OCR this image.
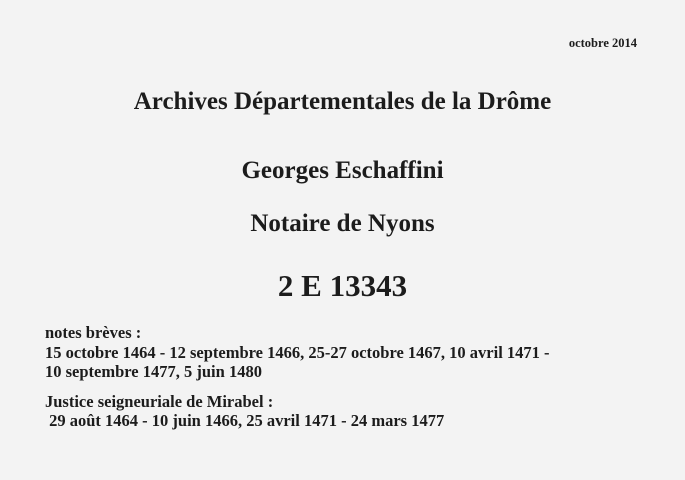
octobre 2014
Archives Départementales de la Drôme
Georges Eschaffini
Notaire de Nyons
2 E 13343
notes brèves :
15 octobre 1464 - 12 septembre 1466, 25-27 octobre 1467, 10 avril 1471 -
10 septembre 1477, 5 juin 1480
Justice seigneuriale de Mirabel :
29 août 1464 - 10 juin 1466, 25 avril 1471 - 24 mars 1477
